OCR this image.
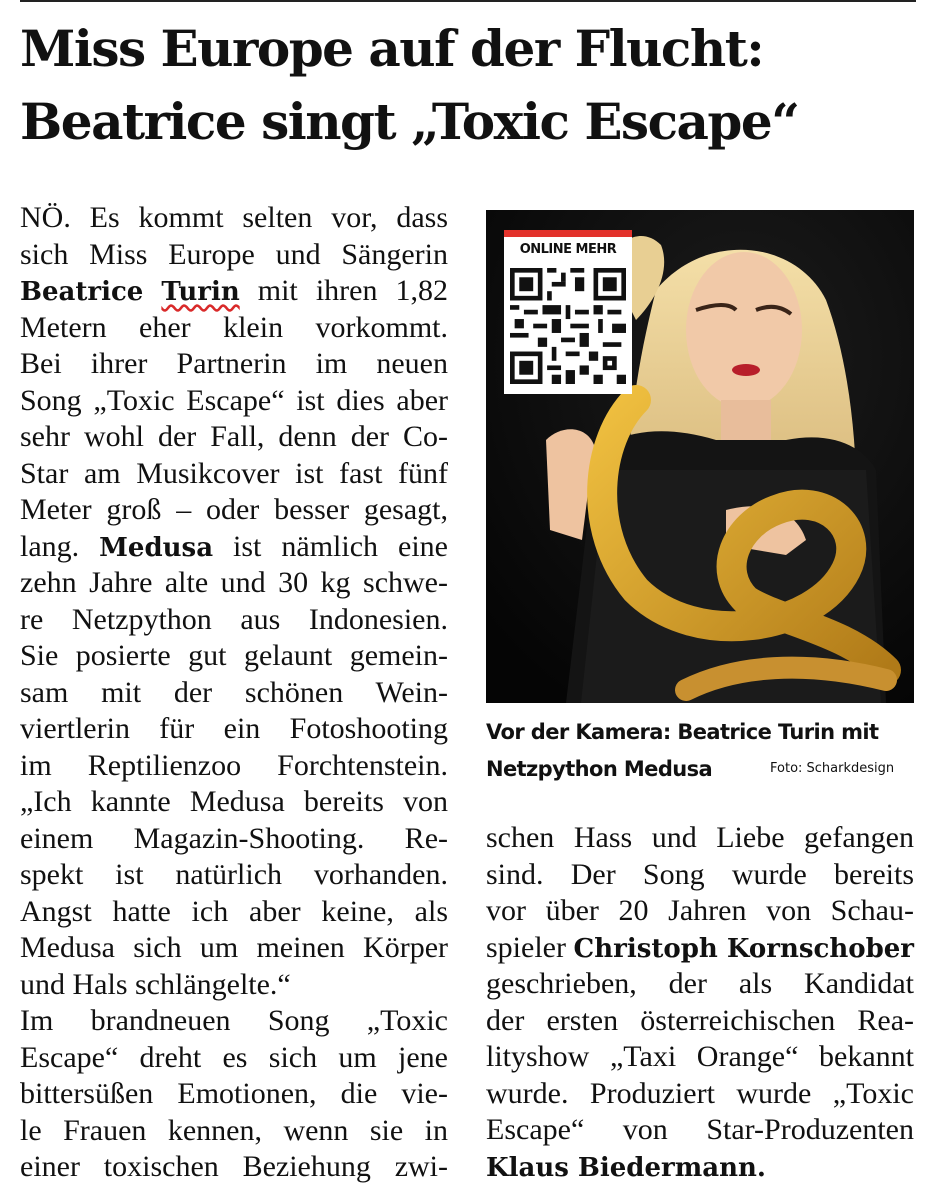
Miss Europe auf der Flucht:
Beatrice singt „Toxic Escape“
NÖ. Es kommt selten vor, dass
sich Miss Europe und Sängerin
Beatrice Turin mit ihren 1,82
Metern eher klein vorkommt.
Bei ihrer Partnerin im neuen
Song „Toxic Escape“ ist dies aber
sehr wohl der Fall, denn der Co-
Star am Musikcover ist fast fünf
Meter groß – oder besser gesagt,
lang. Medusa ist nämlich eine
zehn Jahre alte und 30 kg schwe-
re Netzpython aus Indonesien.
Sie posierte gut gelaunt gemein-
sam mit der schönen Wein-
viertlerin für ein Fotoshooting
im Reptilienzoo Forchtenstein.
„Ich kannte Medusa bereits von
einem Magazin-Shooting. Re-
spekt ist natürlich vorhanden.
Angst hatte ich aber keine, als
Medusa sich um meinen Körper
und Hals schlängelte.“
Im brandneuen Song „Toxic
Escape“ dreht es sich um jene
bittersüßen Emotionen, die vie-
le Frauen kennen, wenn sie in
einer toxischen Beziehung zwi-
ONLINE MEHR
Vor der Kamera: Beatrice Turin mit
Netzpython Medusa	Foto: Scharkdesign
schen Hass und Liebe gefangen
sind. Der Song wurde bereits
vor über 20 Jahren von Schau-
spieler Christoph Kornschober
geschrieben, der als Kandidat
der ersten österreichischen Rea-
lityshow „Taxi Orange“ bekannt
wurde. Produziert wurde „Toxic
Escape“ von Star-Produzenten
Klaus Biedermann.
